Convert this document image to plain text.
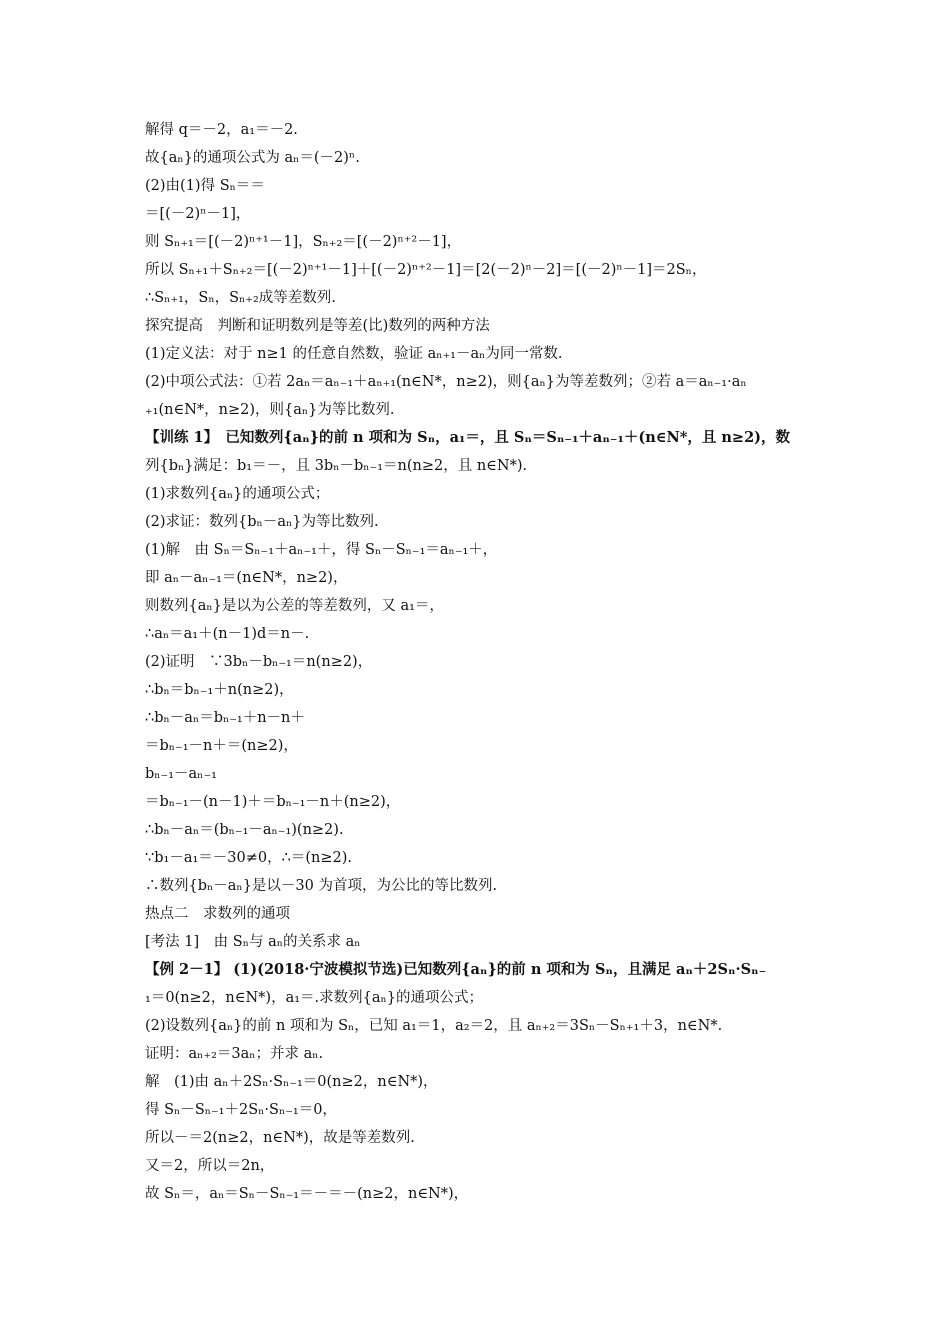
解得 q＝－2，a₁＝－2.
故{aₙ}的通项公式为 aₙ＝(－2)ⁿ.
(2)由(1)得 Sₙ＝＝
＝[(－2)ⁿ－1]，
则 Sₙ₊₁＝[(－2)ⁿ⁺¹－1]，Sₙ₊₂＝[(－2)ⁿ⁺²－1]，
所以 Sₙ₊₁＋Sₙ₊₂＝[(－2)ⁿ⁺¹－1]＋[(－2)ⁿ⁺²－1]＝[2(－2)ⁿ－2]＝[(－2)ⁿ－1]＝2Sₙ，
∴Sₙ₊₁，Sₙ，Sₙ₊₂成等差数列.
探究提高　判断和证明数列是等差(比)数列的两种方法
(1)定义法：对于 n≥1 的任意自然数，验证 aₙ₊₁－aₙ为同一常数.
(2)中项公式法：①若 2aₙ＝aₙ₋₁＋aₙ₊₁(n∈N*，n≥2)，则{aₙ}为等差数列；②若 a＝aₙ₋₁·aₙ
₊₁(n∈N*，n≥2)，则{aₙ}为等比数列.
【训练 1】　已知数列{aₙ}的前 n 项和为 Sₙ，a₁＝，且 Sₙ＝Sₙ₋₁＋aₙ₋₁＋(n∈N*，且 n≥2)，数
列{bₙ}满足：b₁＝－，且 3bₙ－bₙ₋₁＝n(n≥2，且 n∈N*).
(1)求数列{aₙ}的通项公式；
(2)求证：数列{bₙ－aₙ}为等比数列.
(1)解　由 Sₙ＝Sₙ₋₁＋aₙ₋₁＋，得 Sₙ－Sₙ₋₁＝aₙ₋₁＋，
即 aₙ－aₙ₋₁＝(n∈N*，n≥2)，
则数列{aₙ}是以为公差的等差数列，又 a₁＝，
∴aₙ＝a₁＋(n－1)d＝n－.
(2)证明　∵3bₙ－bₙ₋₁＝n(n≥2)，
∴bₙ＝bₙ₋₁＋n(n≥2)，
∴bₙ－aₙ＝bₙ₋₁＋n－n＋
＝bₙ₋₁－n＋＝(n≥2)，
bₙ₋₁－aₙ₋₁
＝bₙ₋₁－(n－1)＋＝bₙ₋₁－n＋(n≥2)，
∴bₙ－aₙ＝(bₙ₋₁－aₙ₋₁)(n≥2).
∵b₁－a₁＝－30≠0，∴＝(n≥2).
∴数列{bₙ－aₙ}是以－30 为首项，为公比的等比数列.
热点二　求数列的通项
[考法 1]　由 Sₙ与 aₙ的关系求 aₙ
【例 2－1】 (1)(2018·宁波模拟节选)已知数列{aₙ}的前 n 项和为 Sₙ，且满足 aₙ＋2Sₙ·Sₙ₋
₁＝0(n≥2，n∈N*)，a₁＝.求数列{aₙ}的通项公式；
(2)设数列{aₙ}的前 n 项和为 Sₙ，已知 a₁＝1，a₂＝2，且 aₙ₊₂＝3Sₙ－Sₙ₊₁＋3，n∈N*.
证明：aₙ₊₂＝3aₙ；并求 aₙ.
解　(1)由 aₙ＋2Sₙ·Sₙ₋₁＝0(n≥2，n∈N*)，
得 Sₙ－Sₙ₋₁＋2Sₙ·Sₙ₋₁＝0，
所以－＝2(n≥2，n∈N*)，故是等差数列.
又＝2，所以＝2n，
故 Sₙ＝，aₙ＝Sₙ－Sₙ₋₁＝－＝－(n≥2，n∈N*)，
